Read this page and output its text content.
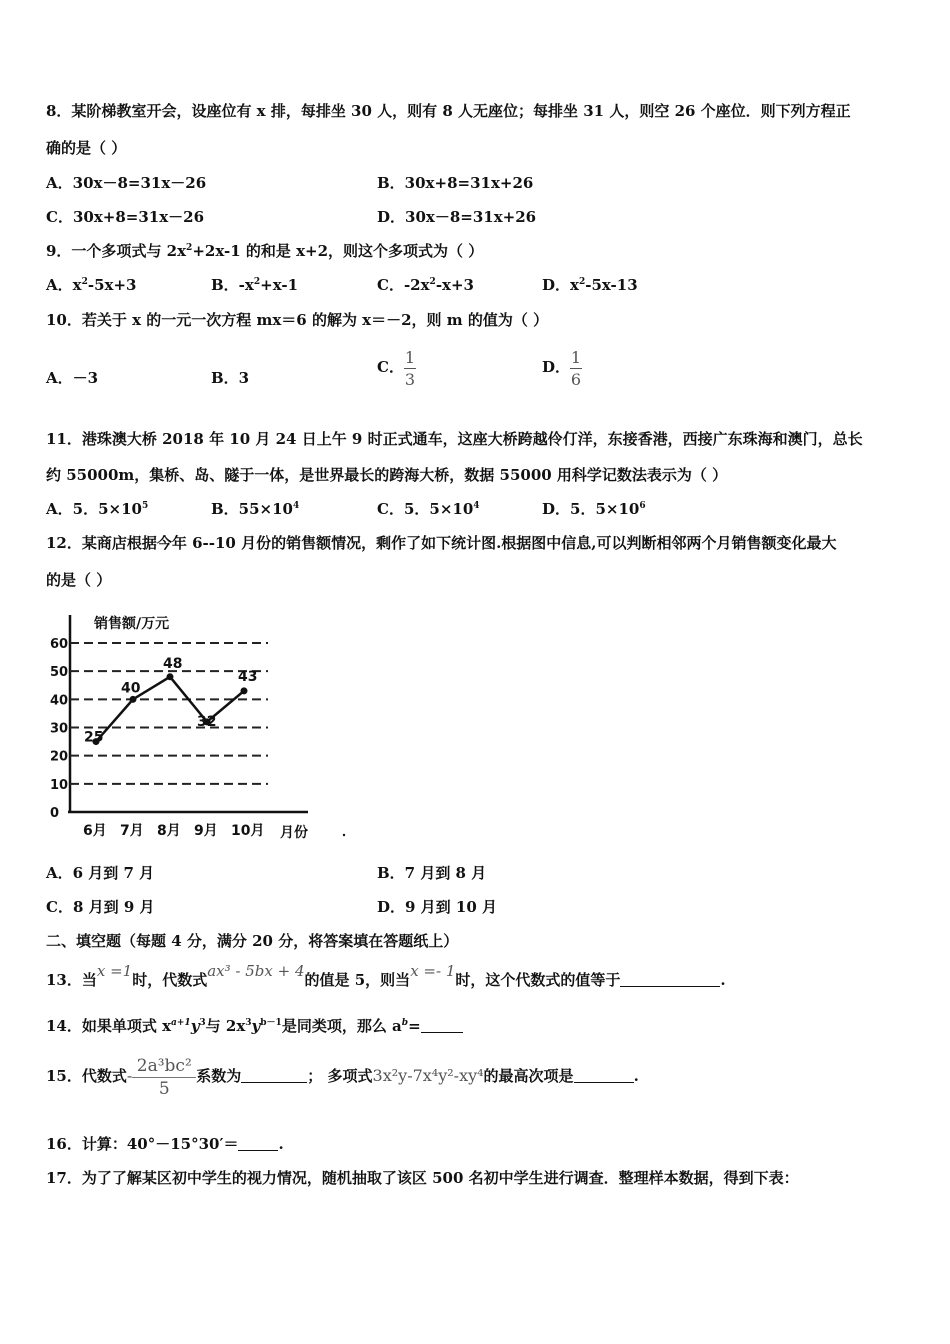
8．某阶梯教室开会，设座位有 x 排，每排坐 30 人，则有 8 人无座位；每排坐 31 人，则空 26 个座位．则下列方程正
确的是（ ）
A．30x－8=31x－26	B．30x+8=31x+26
C．30x+8=31x－26	D．30x－8=31x+26
9．一个多项式与 $2x^2+2x-1$ 的和是 x+2，则这个多项式为（ ）
A．$x^2-5x+3$	B．$-x^2+x-1$	C．$-2x^2-x+3$	D．$x^2-5x-13$
10．若关于 x 的一元一次方程 mx＝6 的解为 x＝－2，则 m 的值为（ ）
A．－3	B．3
C． $\frac{1}{3}$	D． $\frac{1}{6}$
11．港珠澳大桥 2018 年 10 月 24 日上午 9 时正式通车，这座大桥跨越伶仃洋，东接香港，西接广东珠海和澳门，总长
约 55000m，集桥、岛、隧于一体，是世界最长的跨海大桥，数据 55000 用科学记数法表示为（ ）
A．5．$5\times 10^5$	B．$55\times 10^4$	C．5．$5\times 10^4$	D．5．$5\times 10^6$
12．某商店根据今年 6--10 月份的销售额情况，剩作了如下统计图.根据图中信息,可以判断相邻两个月销售额变化最大
的是（ ）
销售额/万元
月份
0
10
20
30
40
50
60
6月 7月 8月 9月 10月
25
40
48
32
43
A．6 月到 7 月	B．7 月到 8 月
C．8 月到 9 月	D．9 月到 10 月
二、填空题（每题 4 分，满分 20 分，将答案填在答题纸上）
13．当x =1时，代数式ax³ - 5bx + 4的值是 5，则当x =- 1时，这个代数式的值等于	.
14．如果单项式 $x^{a+1}y^3$与 $2x^3y^{b-1}$是同类项，那么 $a^b=$
15．代数式- $\frac{\text{2a³bc²}}{5}$ 系数为	； 多项式3x²y-7x⁴y²-xy⁴的最高次项是	.
16．计算：40°－15°30′＝	.
17．为了了解某区初中学生的视力情况，随机抽取了该区 500 名初中学生进行调查．整理样本数据，得到下表：
